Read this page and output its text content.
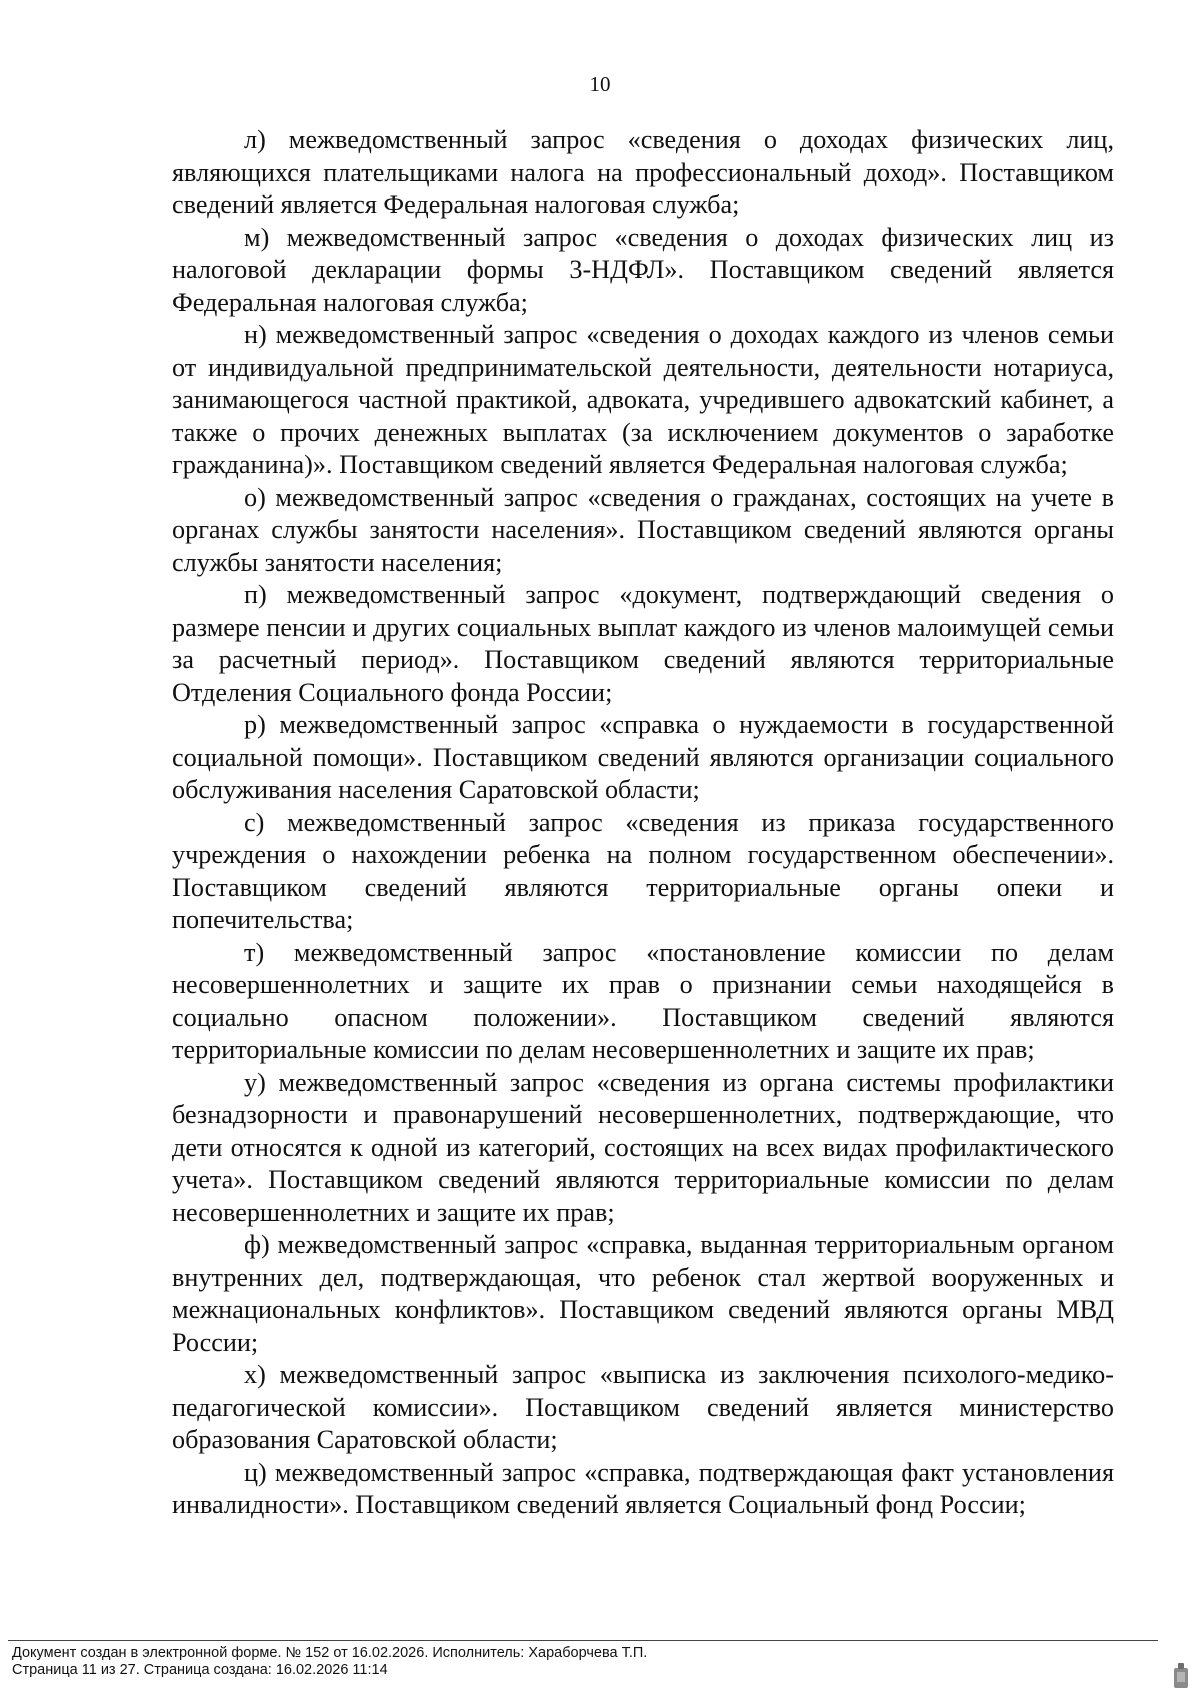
10

л) межведомственный запрос «сведения о доходах физических лиц, являющихся плательщиками налога на профессиональный доход». Поставщиком сведений является Федеральная налоговая служба;

м) межведомственный запрос «сведения о доходах физических лиц из налоговой декларации формы 3-НДФЛ». Поставщиком сведений является Федеральная налоговая служба;

н) межведомственный запрос «сведения о доходах каждого из членов семьи от индивидуальной предпринимательской деятельности, деятельности нотариуса, занимающегося частной практикой, адвоката, учредившего адвокатский кабинет, а также о прочих денежных выплатах (за исключением документов о заработке гражданина)». Поставщиком сведений является Федеральная налоговая служба;

о) межведомственный запрос «сведения о гражданах, состоящих на учете в органах службы занятости населения». Поставщиком сведений являются органы службы занятости населения;

п) межведомственный запрос «документ, подтверждающий сведения о размере пенсии и других социальных выплат каждого из членов малоимущей семьи за расчетный период». Поставщиком сведений являются территориальные Отделения Социального фонда России;

р) межведомственный запрос «справка о нуждаемости в государственной социальной помощи». Поставщиком сведений являются организации социального обслуживания населения Саратовской области;

с) межведомственный запрос «сведения из приказа государственного учреждения о нахождении ребенка на полном государственном обеспечении». Поставщиком сведений являются территориальные органы опеки и попечительства;

т) межведомственный запрос «постановление комиссии по делам несовершеннолетних и защите их прав о признании семьи находящейся в социально опасном положении». Поставщиком сведений являются территориальные комиссии по делам несовершеннолетних и защите их прав;

у) межведомственный запрос «сведения из органа системы профилактики безнадзорности и правонарушений несовершеннолетних, подтверждающие, что дети относятся к одной из категорий, состоящих на всех видах профилактического учета». Поставщиком сведений являются территориальные комиссии по делам несовершеннолетних и защите их прав;

ф) межведомственный запрос «справка, выданная территориальным органом внутренних дел, подтверждающая, что ребенок стал жертвой вооруженных и межнациональных конфликтов». Поставщиком сведений являются органы МВД России;

х) межведомственный запрос «выписка из заключения психолого-медико-педагогической комиссии». Поставщиком сведений является министерство образования Саратовской области;

ц) межведомственный запрос «справка, подтверждающая факт установления инвалидности». Поставщиком сведений является Социальный фонд России;

Документ создан в электронной форме. № 152 от 16.02.2026. Исполнитель: Хараборчева Т.П.
Страница 11 из 27. Страница создана: 16.02.2026 11:14
